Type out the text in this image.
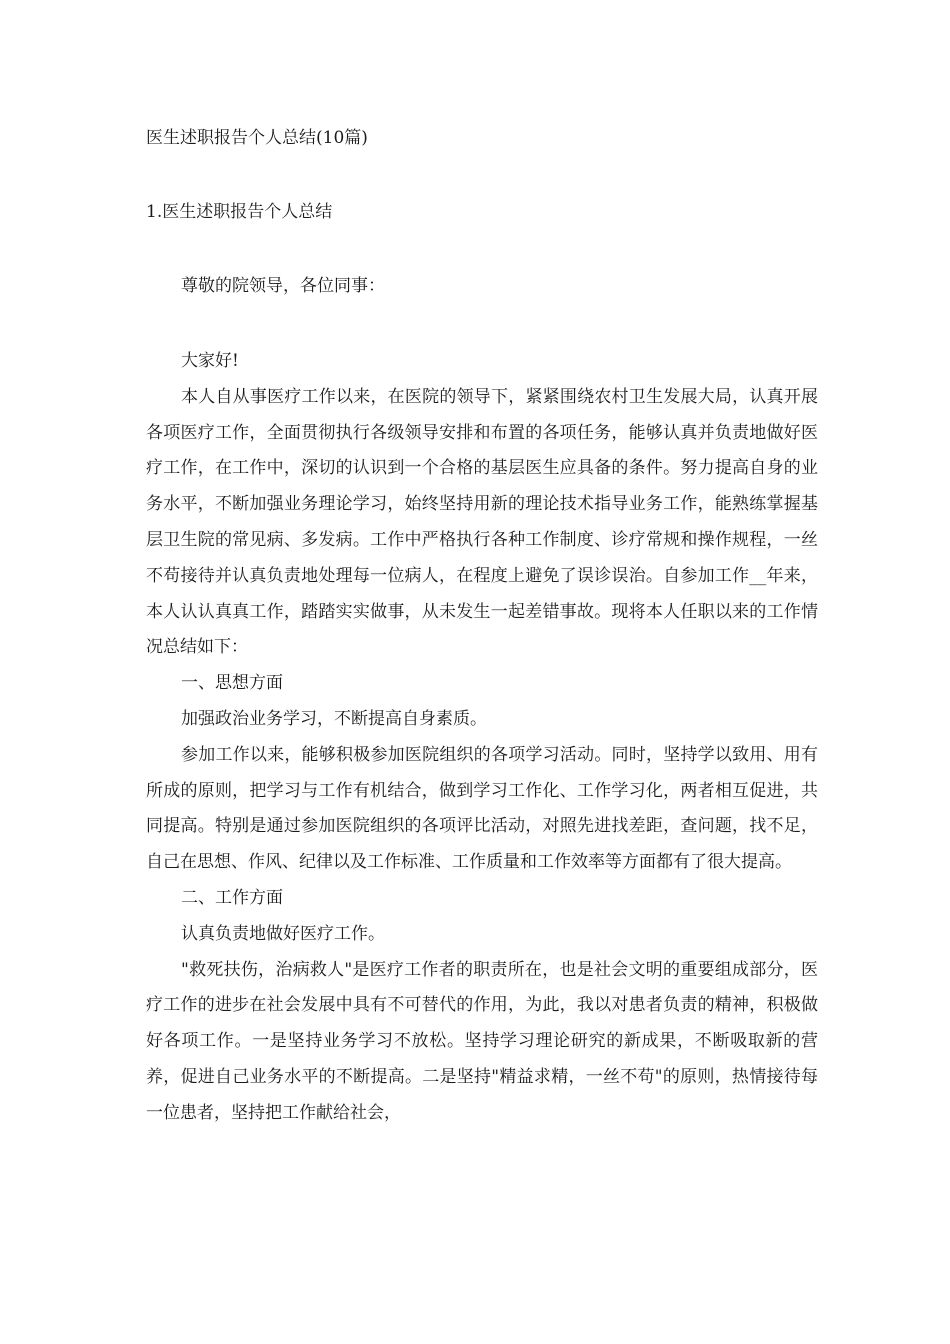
医生述职报告个人总结(10篇)
1.医生述职报告个人总结
尊敬的院领导，各位同事：

大家好!

本人自从事医疗工作以来，在医院的领导下，紧紧围绕农村卫生发展大局，认真开展各项医疗工作，全面贯彻执行各级领导安排和布置的各项任务，能够认真并负责地做好医疗工作，在工作中，深切的认识到一个合格的基层医生应具备的条件。努力提高自身的业务水平，不断加强业务理论学习，始终坚持用新的理论技术指导业务工作，能熟练掌握基层卫生院的常见病、多发病。工作中严格执行各种工作制度、诊疗常规和操作规程，一丝不苟接待并认真负责地处理每一位病人，在程度上避免了误诊误治。自参加工作__年来，本人认认真真工作，踏踏实实做事，从未发生一起差错事故。现将本人任职以来的工作情况总结如下：

一、思想方面

加强政治业务学习，不断提高自身素质。

参加工作以来，能够积极参加医院组织的各项学习活动。同时，坚持学以致用、用有所成的原则，把学习与工作有机结合，做到学习工作化、工作学习化，两者相互促进，共同提高。特别是通过参加医院组织的各项评比活动，对照先进找差距，查问题，找不足，自己在思想、作风、纪律以及工作标准、工作质量和工作效率等方面都有了很大提高。

二、工作方面

认真负责地做好医疗工作。

"救死扶伤，治病救人"是医疗工作者的职责所在，也是社会文明的重要组成部分，医疗工作的进步在社会发展中具有不可替代的作用，为此，我以对患者负责的精神，积极做好各项工作。一是坚持业务学习不放松。坚持学习理论研究的新成果，不断吸取新的营养，促进自己业务水平的不断提高。二是坚持"精益求精，一丝不苟"的原则，热情接待每一位患者，坚持把工作献给社会，
